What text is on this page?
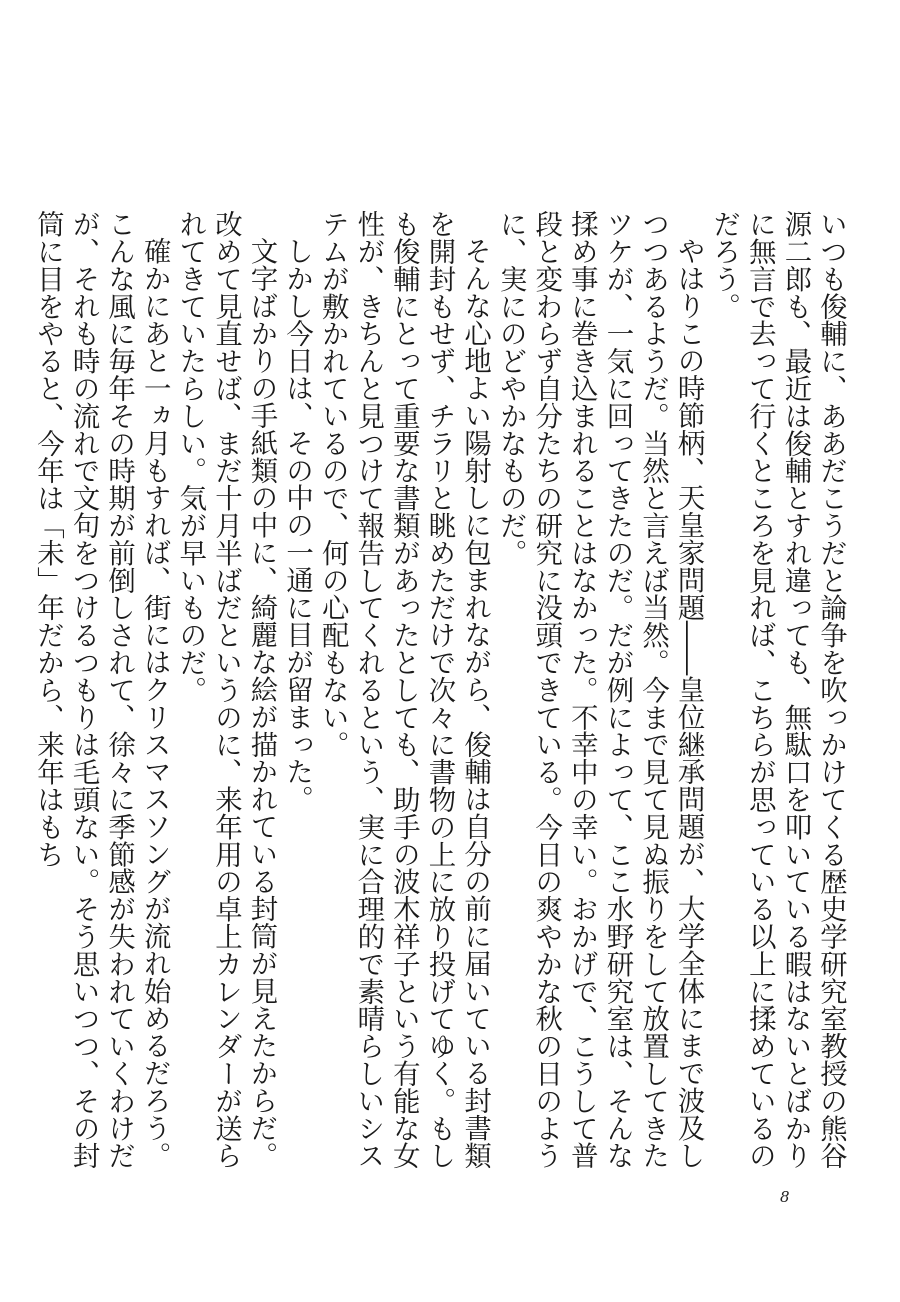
いつも俊輔に、ああだこうだと論争を吹っかけてくる歴史学研究室教授の熊谷源二郎も、最近は俊輔とすれ違っても、無駄口を叩いている暇はないとばかりに無言で去って行くところを見れば、こちらが思っている以上に揉めているのだろう。

やはりこの時節柄、天皇家問題――皇位継承問題が、大学全体にまで波及しつつあるようだ。当然と言えば当然。今まで見て見ぬ振りをして放置してきたツケが、一気に回ってきたのだ。だが例によって、ここ水野研究室は、そんな揉め事に巻き込まれることはなかった。不幸中の幸い。おかげで、こうして普段と変わらず自分たちの研究に没頭できている。今日の爽やかな秋の日のように、実にのどやかなものだ。

そんな心地よい陽射しに包まれながら、俊輔は自分の前に届いている封書類を開封もせず、チラリと眺めただけで次々に書物の上に放り投げてゆく。もしも俊輔にとって重要な書類があったとしても、助手の波木祥子という有能な女性が、きちんと見つけて報告してくれるという、実に合理的で素晴らしいシステムが敷かれているので、何の心配もない。

しかし今日は、その中の一通に目が留まった。

文字ばかりの手紙類の中に、綺麗な絵が描かれている封筒が見えたからだ。改めて見直せば、まだ十月半ばだというのに、来年用の卓上カレンダーが送られてきていたらしい。気が早いものだ。

確かにあと一ヵ月もすれば、街にはクリスマスソングが流れ始めるだろう。こんな風に毎年その時期が前倒しされて、徐々に季節感が失われていくわけだが、それも時の流れで文句をつけるつもりは毛頭ない。そう思いつつ、その封筒に目をやると、今年は「未」年だから、来年はもち

8
